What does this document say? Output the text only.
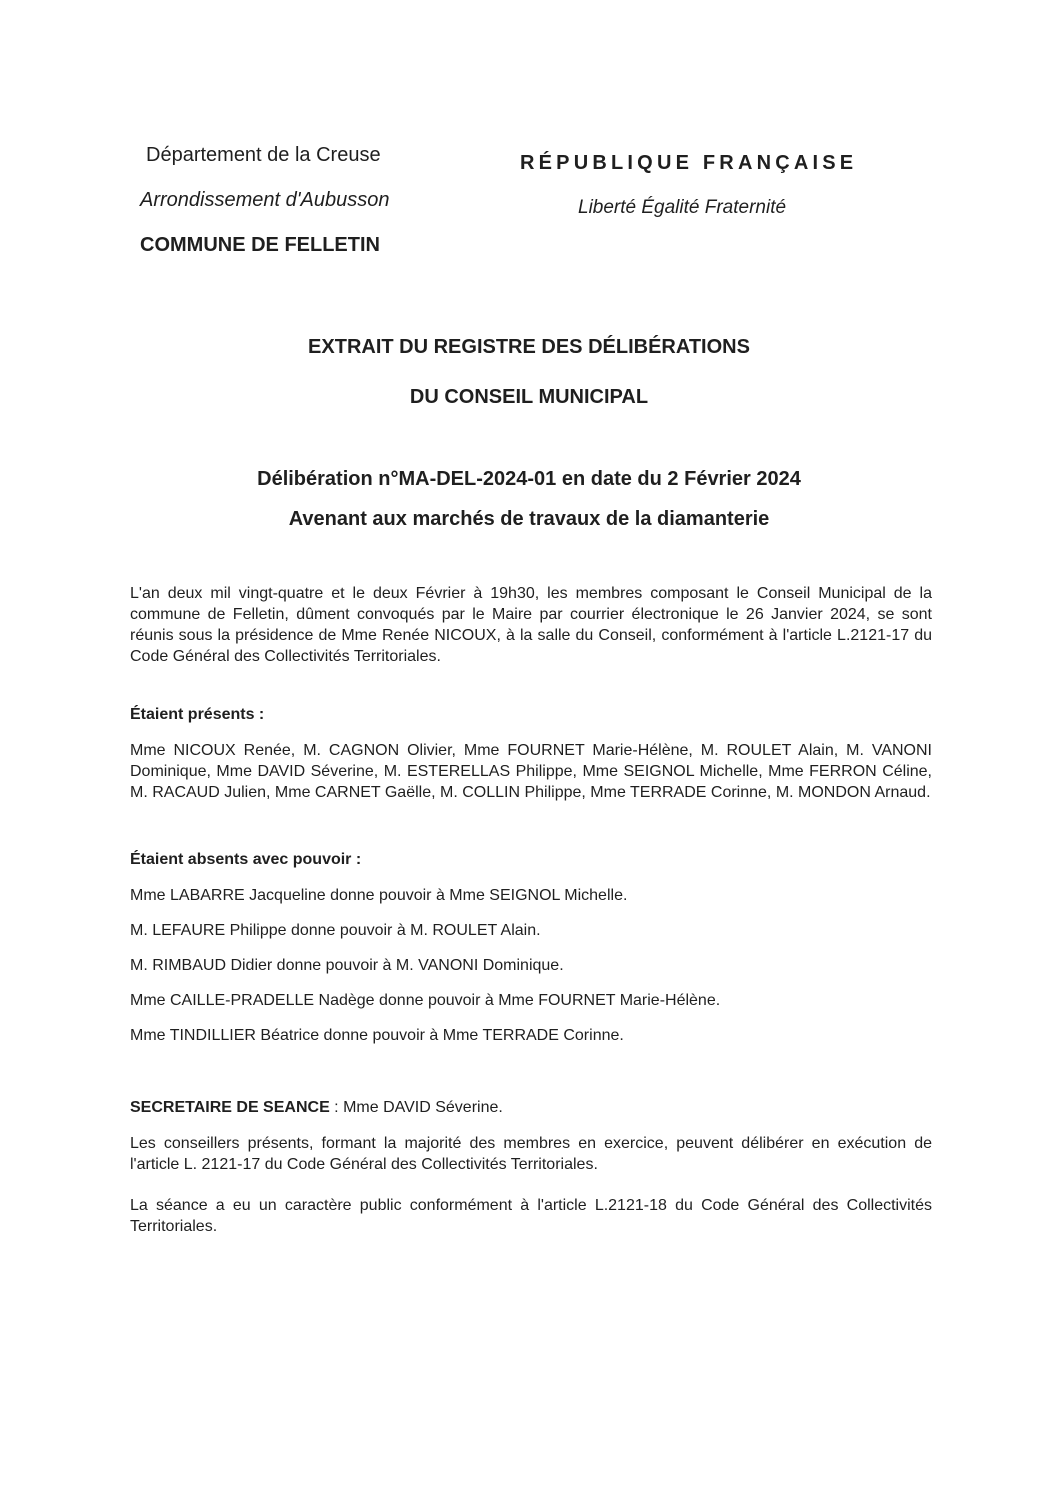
Département de la Creuse
Arrondissement d'Aubusson
COMMUNE DE FELLETIN
RÉPUBLIQUE FRANÇAISE
Liberté Égalité Fraternité
EXTRAIT DU REGISTRE DES DÉLIBÉRATIONS
DU CONSEIL MUNICIPAL
Délibération n°MA-DEL-2024-01 en date du 2 Février 2024
Avenant aux marchés de travaux de la diamanterie
L'an deux mil vingt-quatre et le deux Février à 19h30, les membres composant le Conseil Municipal de la commune de Felletin, dûment convoqués par le Maire par courrier électronique le 26 Janvier 2024, se sont réunis sous la présidence de Mme Renée NICOUX, à la salle du Conseil, conformément à l'article L.2121-17 du Code Général des Collectivités Territoriales.
Étaient présents :
Mme NICOUX Renée, M. CAGNON Olivier, Mme FOURNET Marie-Hélène, M. ROULET Alain, M. VANONI Dominique, Mme DAVID Séverine, M. ESTERELLAS Philippe, Mme SEIGNOL Michelle, Mme FERRON Céline, M. RACAUD Julien, Mme CARNET Gaëlle, M. COLLIN Philippe, Mme TERRADE Corinne, M. MONDON Arnaud.
Étaient absents avec pouvoir :
Mme LABARRE Jacqueline donne pouvoir à Mme SEIGNOL Michelle.
M. LEFAURE Philippe donne pouvoir à M. ROULET Alain.
M. RIMBAUD Didier donne pouvoir à M. VANONI Dominique.
Mme CAILLE-PRADELLE Nadège donne pouvoir à Mme FOURNET Marie-Hélène.
Mme TINDILLIER Béatrice donne pouvoir à Mme TERRADE Corinne.
SECRETAIRE DE SEANCE : Mme DAVID Séverine.
Les conseillers présents, formant la majorité des membres en exercice, peuvent délibérer en exécution de l'article L. 2121-17 du Code Général des Collectivités Territoriales.
La séance a eu un caractère public conformément à l'article L.2121-18 du Code Général des Collectivités Territoriales.
